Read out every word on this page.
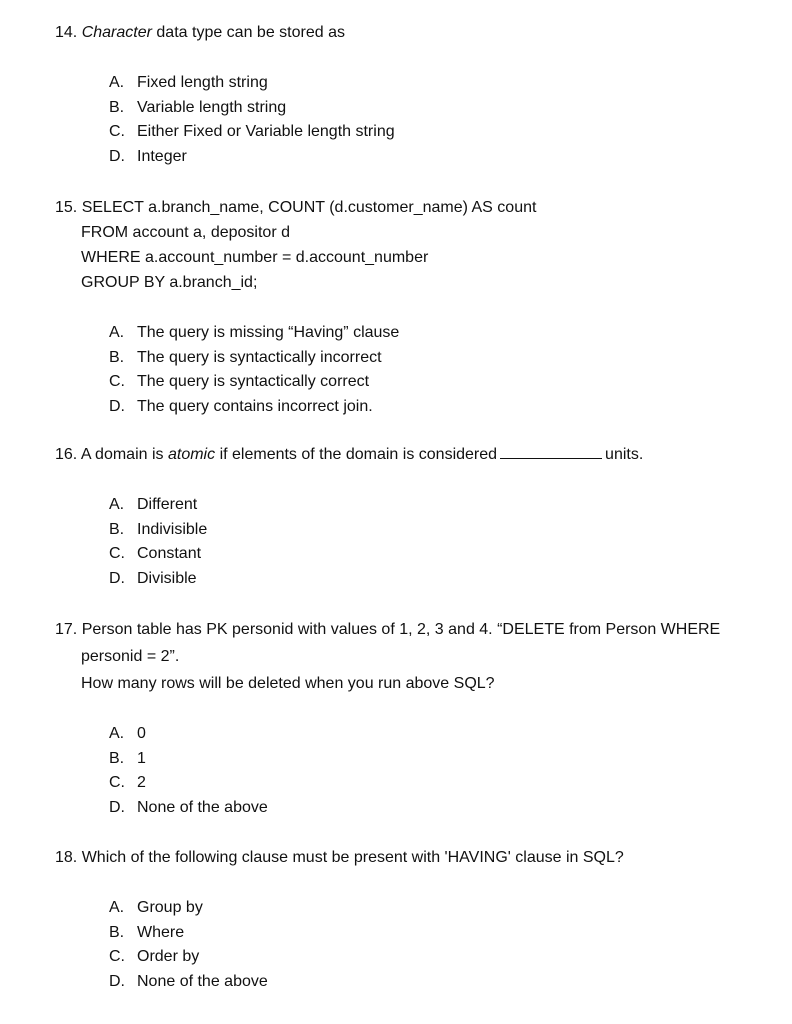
14. Character data type can be stored as
A. Fixed length string
B. Variable length string
C. Either Fixed or Variable length string
D. Integer
15. SELECT a.branch_name, COUNT (d.customer_name) AS count
FROM account a, depositor d
WHERE a.account_number = d.account_number
GROUP BY a.branch_id;
A. The query is missing “Having” clause
B. The query is syntactically incorrect
C. The query is syntactically correct
D. The query contains incorrect join.
16. A domain is atomic if elements of the domain is considered	units.
A. Different
B. Indivisible
C. Constant
D. Divisible
17. Person table has PK personid with values of 1, 2, 3 and 4. “DELETE from Person WHERE
personid = 2”.
How many rows will be deleted when you run above SQL?
A. 0
B. 1
C. 2
D. None of the above
18. Which of the following clause must be present with 'HAVING' clause in SQL?
A. Group by
B. Where
C. Order by
D. None of the above
